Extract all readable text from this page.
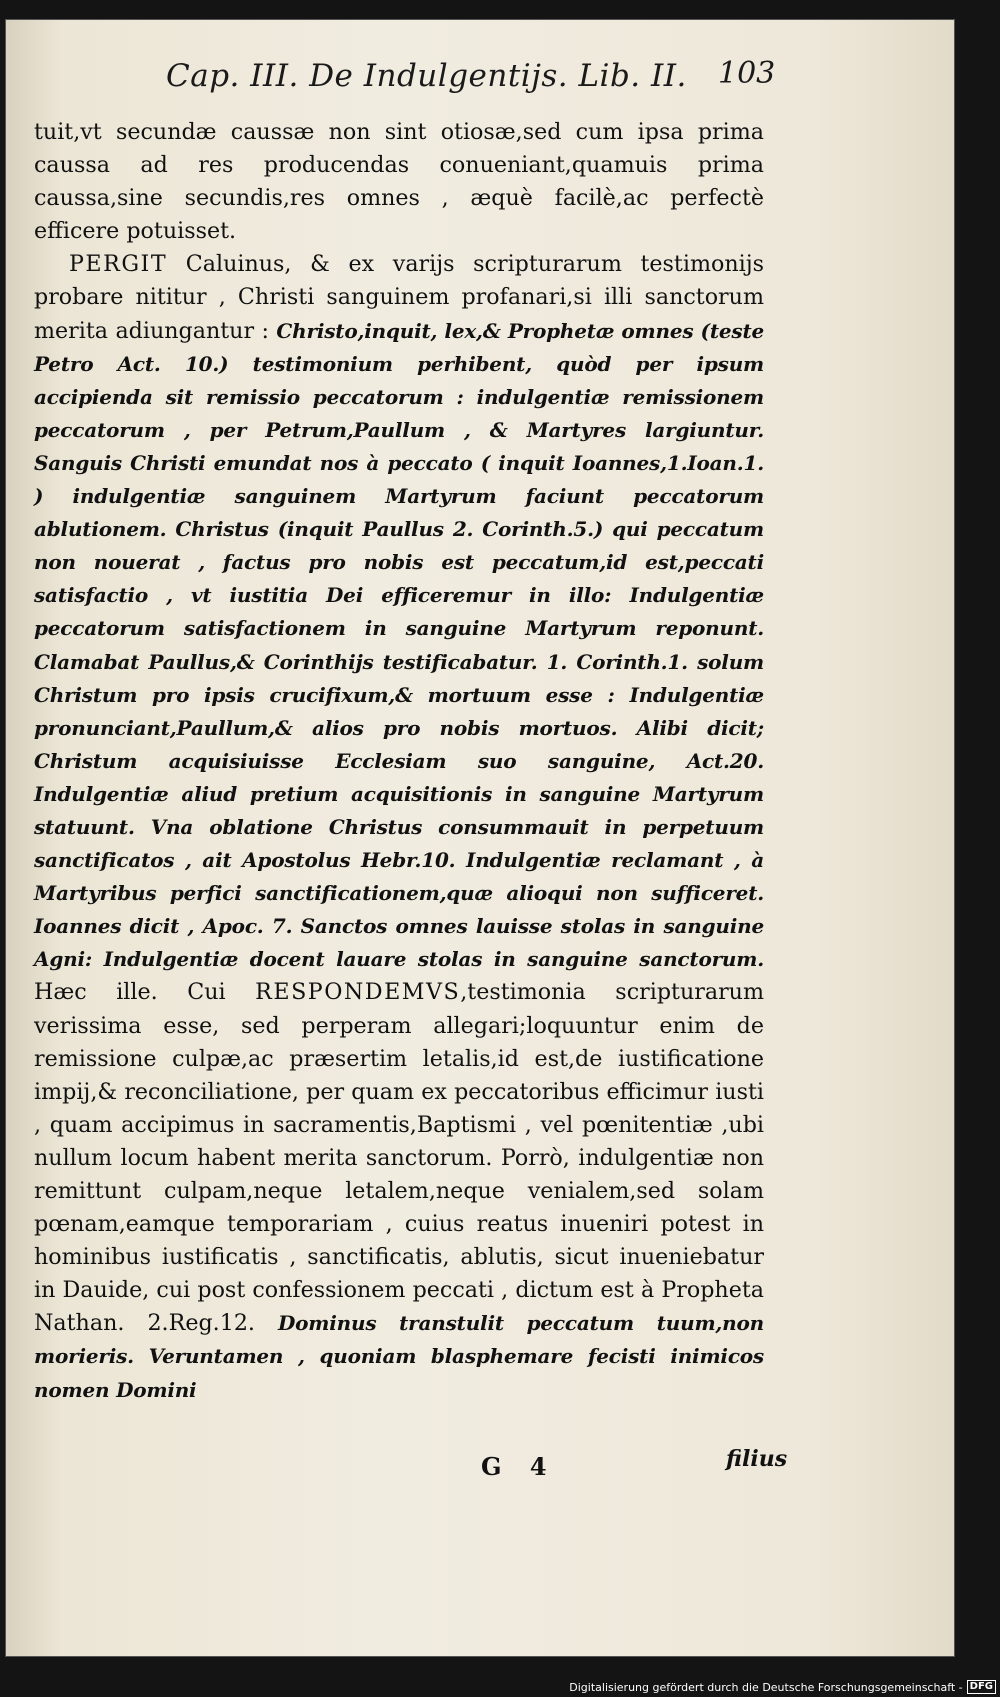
Cap. III. De Indulgentijs. Lib. II.	103

tuit,vt secundæ caussæ non sint otiosæ,sed cum ipsa prima caussa ad res producendas conueniant,quamuis prima caussa,sine secundis,res omnes , æquè facilè,ac perfectè efficere potuisset.

PERGIT Caluinus, & ex varijs scripturarum testimonijs probare nititur , Christi sanguinem profanari,si illi sanctorum merita adiungantur : Christo,inquit, lex,& Prophetæ omnes (teste Petro Act. 10.) testimonium perhibent, quòd per ipsum accipienda sit remissio peccatorum : indulgentiæ remissionem peccatorum , per Petrum,Paullum , & Martyres largiuntur. Sanguis Christi emundat nos à peccato ( inquit Ioannes,1.Ioan.1. ) indulgentiæ sanguinem Martyrum faciunt peccatorum ablutionem. Christus (inquit Paullus 2. Corinth.5.) qui peccatum non nouerat , factus pro nobis est peccatum,id est,peccati satisfactio , vt iustitia Dei efficeremur in illo: Indulgentiæ peccatorum satisfactionem in sanguine Martyrum reponunt. Clamabat Paullus,& Corinthijs testificabatur. 1. Corinth.1. solum Christum pro ipsis crucifixum,& mortuum esse : Indulgentiæ pronunciant,Paullum,& alios pro nobis mortuos. Alibi dicit; Christum acquisiuisse Ecclesiam suo sanguine, Act.20. Indulgentiæ aliud pretium acquisitionis in sanguine Martyrum statuunt. Vna oblatione Christus consummauit in perpetuum sanctificatos , ait Apostolus Hebr.10. Indulgentiæ reclamant , à Martyribus perfici sanctificationem,quæ alioqui non sufficeret. Ioannes dicit , Apoc. 7. Sanctos omnes lauisse stolas in sanguine Agni: Indulgentiæ docent lauare stolas in sanguine sanctorum. Hæc ille. Cui RESPONDEMVS,testimonia scripturarum verissima esse, sed perperam allegari;loquuntur enim de remissione culpæ,ac præsertim letalis,id est,de iustificatione impij,& reconciliatione, per quam ex peccatoribus efficimur iusti , quam accipimus in sacramentis,Baptismi , vel pœnitentiæ ,ubi nullum locum habent merita sanctorum. Porrò, indulgentiæ non remittunt culpam,neque letalem,neque venialem,sed solam pœnam,eamque temporariam , cuius reatus inueniri potest in hominibus iustificatis , sanctificatis, ablutis, sicut inueniebatur in Dauide, cui post confessionem peccati , dictum est à Propheta Nathan. 2.Reg.12. Dominus transtulit peccatum tuum,non morieris. Veruntamen , quoniam blasphemare fecisti inimicos nomen Domini

G 4	filius
Digitalisierung gefördert durch die Deutsche Forschungsgemeinschaft - DFG
